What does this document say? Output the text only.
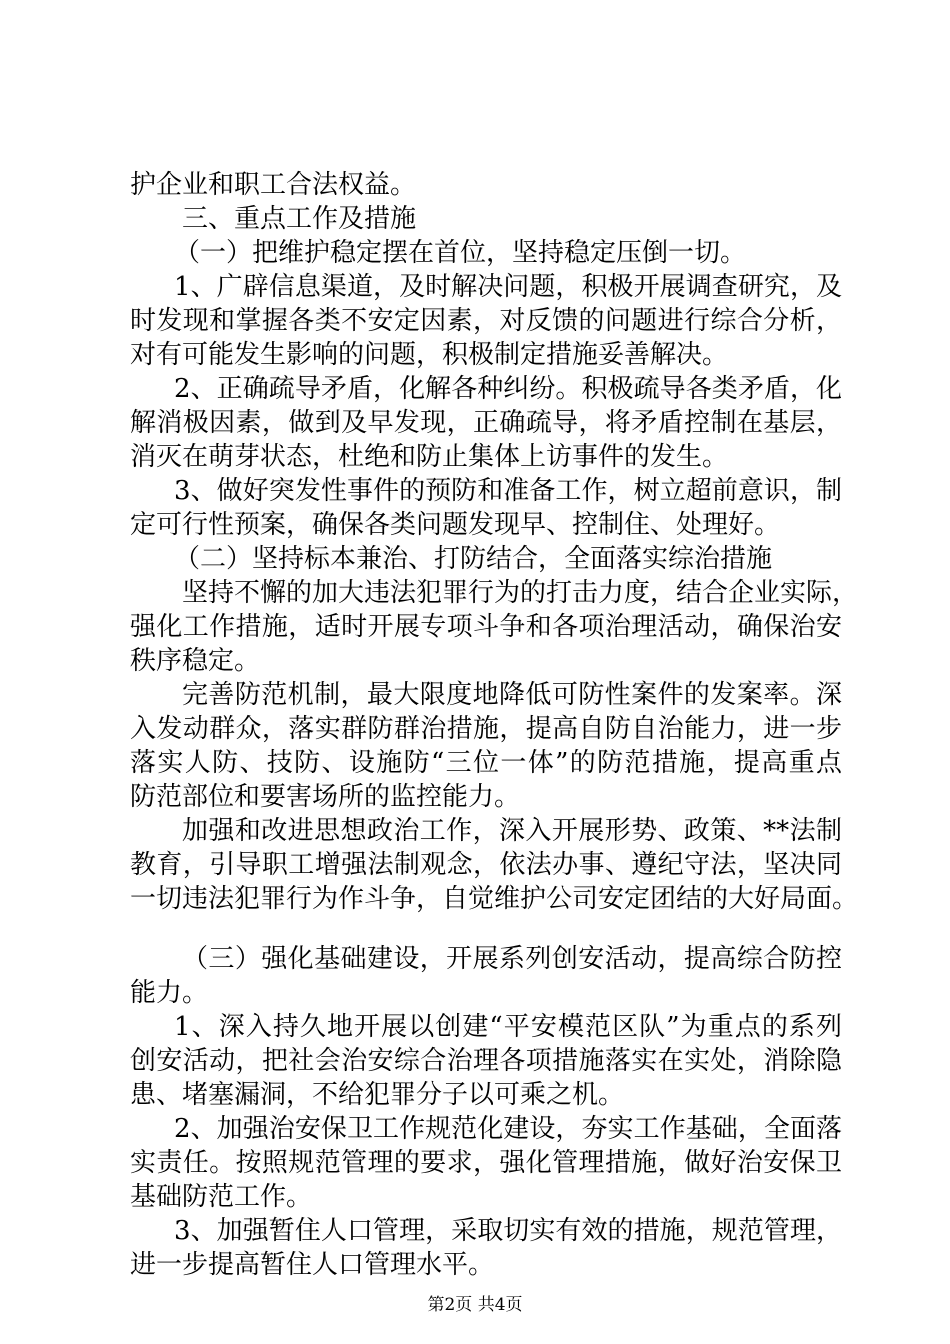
护企业和职工合法权益。
三、重点工作及措施
（一）把维护稳定摆在首位，坚持稳定压倒一切。
1、广辟信息渠道，及时解决问题，积极开展调查研究，及
时发现和掌握各类不安定因素，对反馈的问题进行综合分析，
对有可能发生影响的问题，积极制定措施妥善解决。
2、正确疏导矛盾，化解各种纠纷。积极疏导各类矛盾，化
解消极因素，做到及早发现，正确疏导，将矛盾控制在基层，
消灭在萌芽状态，杜绝和防止集体上访事件的发生。
3、做好突发性事件的预防和准备工作，树立超前意识，制
定可行性预案，确保各类问题发现早、控制住、处理好。
（二）坚持标本兼治、打防结合，全面落实综治措施
坚持不懈的加大违法犯罪行为的打击力度，结合企业实际，
强化工作措施，适时开展专项斗争和各项治理活动，确保治安
秩序稳定。
完善防范机制，最大限度地降低可防性案件的发案率。深
入发动群众，落实群防群治措施，提高自防自治能力，进一步
落实人防、技防、设施防“三位一体”的防范措施，提高重点
防范部位和要害场所的监控能力。
加强和改进思想政治工作，深入开展形势、政策、**法制
教育，引导职工增强法制观念，依法办事、遵纪守法，坚决同
一切违法犯罪行为作斗争，自觉维护公司安定团结的大好局面。
（三）强化基础建设，开展系列创安活动，提高综合防控
能力。
1、深入持久地开展以创建“平安模范区队”为重点的系列
创安活动，把社会治安综合治理各项措施落实在实处，消除隐
患、堵塞漏洞，不给犯罪分子以可乘之机。
2、加强治安保卫工作规范化建设，夯实工作基础，全面落
实责任。按照规范管理的要求，强化管理措施，做好治安保卫
基础防范工作。
3、加强暂住人口管理，采取切实有效的措施，规范管理，
进一步提高暂住人口管理水平。
第2页 共4页
